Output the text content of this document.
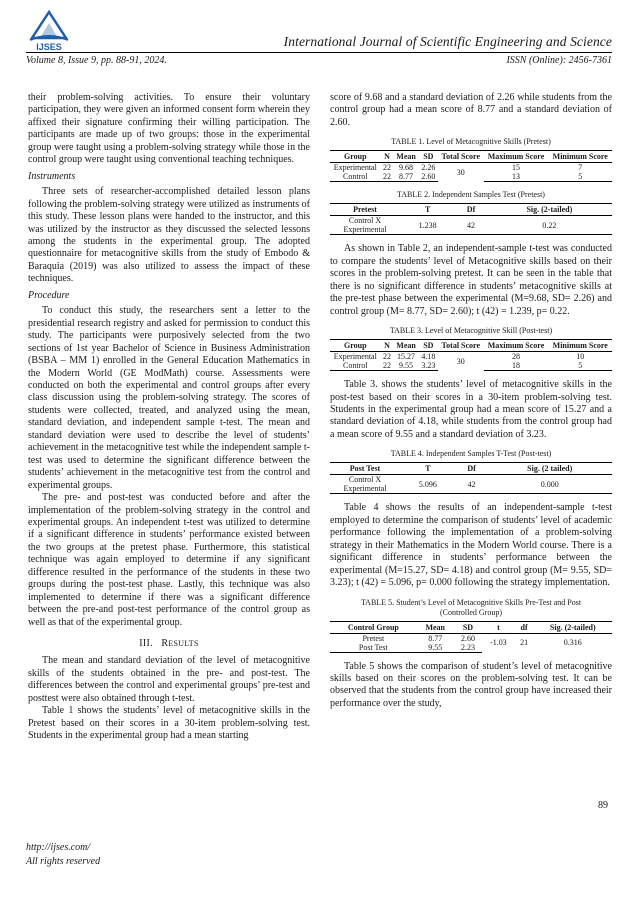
IJSES	International Journal of Scientific Engineering and Science
Volume 8, Issue 9, pp. 88-91, 2024.	ISSN (Online): 2456-7361

their problem-solving activities. To ensure their voluntary participation, they were given an informed consent form wherein they affixed their signature confirming their willing participation. The participants are made up of two groups: those in the experimental group were taught using a problem-solving strategy while those in the control group were taught using conventional teaching techniques.

Instruments

Three sets of researcher-accomplished detailed lesson plans following the problem-solving strategy were utilized as instruments of this study. These lesson plans were handed to the instructor, and this was utilized by the instructor as they discussed the selected lessons among the students in the experimental group. The adopted questionnaire for metacognitive skills from the study of Embodo & Baraquia (2019) was also utilized to assess the impact of these techniques.

Procedure

To conduct this study, the researchers sent a letter to the presidential research registry and asked for permission to conduct this study. The participants were purposively selected from the two sections of 1st year Bachelor of Science in Business Administration (BSBA – MM 1) enrolled in the General Education Mathematics in the Modern World (GE ModMath) course. Assessments were conducted on both the experimental and control groups after every class discussion using the problem-solving strategy. The scores of students were collected, treated, and analyzed using the mean, standard deviation, and independent sample t-test. The mean and standard deviation were used to describe the level of students’ achievement in the metacognitive test while the independent sample t-test was used to determine the significant difference between the students’ achievement in the metacognitive test from the control and experimental groups.

The pre- and post-test was conducted before and after the implementation of the problem-solving strategy in the control and experimental groups. An independent t-test was utilized to determine if a significant difference in students’ performance existed between the two groups at the pretest phase. Furthermore, this statistical technique was again employed to determine if any significant difference resulted in the performance of the students in these two groups during the post-test phase. Lastly, this technique was also implemented to determine if there was a significant difference between the pre-and post-test performance of the control group as well as that of the experimental group.

III. RESULTS

The mean and standard deviation of the level of metacognitive skills of the students obtained in the pre- and post-test. The differences between the control and experimental groups’ pre-test and posttest were also obtained through t-test.

Table 1 shows the students’ level of metacognitive skills in the Pretest based on their scores in a 30-item problem-solving test. Students in the experimental group had a mean starting

score of 9.68 and a standard deviation of 2.26 while students from the control group had a mean score of 8.77 and a standard deviation of 2.60.

TABLE 1. Level of Metacognitive Skills (Pretest)
Group	N	Mean	SD	Total Score	Maximum Score	Minimum Score
Experimental	22	9.68	2.26	30	15	7
Control	22	8.77	2.60		13	5
TABLE 2. Independent Samples Test (Pretest)
Pretest	T	Df	Sig. (2-tailed)
Control X Experimental	1.238	42	0.22

As shown in Table 2, an independent-sample t-test was conducted to compare the students’ level of Metacognitive skills based on their scores in the problem-solving pretest. It can be seen in the table that there is no significant difference in students’ metacognitive skills at the pre-test phase between the experimental (M=9.68, SD= 2.26) and control group (M= 8.77, SD= 2.60); t (42) = 1.239, p= 0.22.

TABLE 3. Level of Metacognitive Skill (Post-test)
Group	N	Mean	SD	Total Score	Maximum Score	Minimum Score
Experimental	22	15.27	4.18	30	28	10
Control	22	9.55	3.23		18	5

Table 3. shows the students’ level of metacognitive skills in the post-test based on their scores in a 30-item problem-solving test. Students in the experimental group had a mean score of 15.27 and a standard deviation of 4.18, while students from the control group had a mean score of 9.55 and a standard deviation of 3.23.

TABLE 4. Independent Samples T-Test (Post-test)
Post Test	T	Df	Sig. (2 tailed)
Control X Experimental	5.096	42	0.000

Table 4 shows the results of an independent-sample t-test employed to determine the comparison of students’ level of academic performance following the implementation of a problem-solving strategy in their Mathematics in the Modern World course. There is a significant difference in students’ performance between the experimental (M=15.27, SD= 4.18) and control group (M= 9.55, SD= 3.23); t (42) = 5.096, p= 0.000 following the strategy implementation.

TABLE 5. Student’s Level of Metacognitive Skills Pre-Test and Post
(Controlled Group)
Control Group	Mean	SD	t	df	Sig. (2-tailed)
Pretest	8.77	2.60	-1.03	21	0.316
Post Test	9.55	2.23			

Table 5 shows the comparison of student’s level of metacognitive skills based on their scores on the problem-solving test. It can be observed that the students from the control group have increased their performance over the study,

89
http://ijses.com/
All rights reserved
